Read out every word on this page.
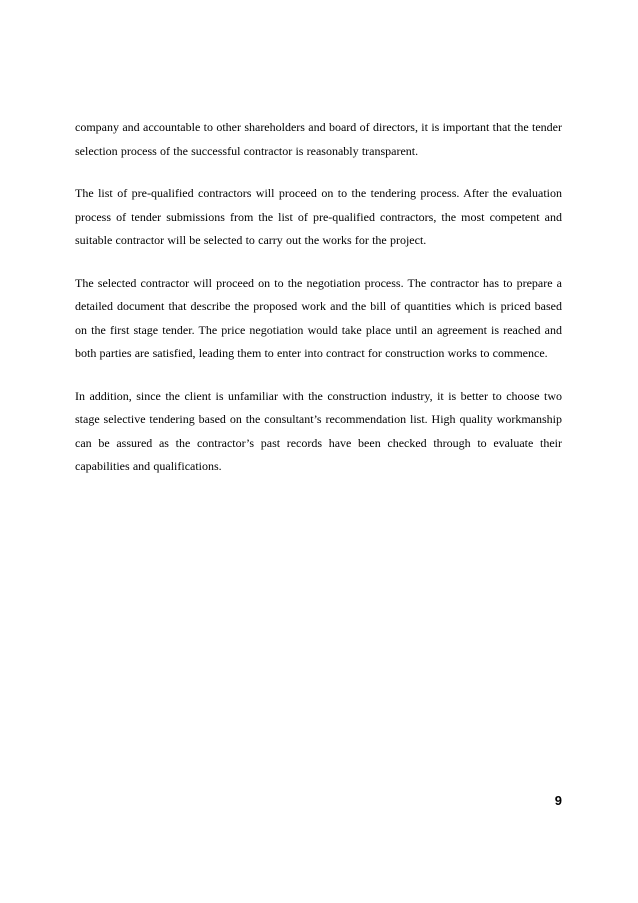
company and accountable to other shareholders and board of directors, it is important that the tender selection process of the successful contractor is reasonably transparent.

The list of pre-qualified contractors will proceed on to the tendering process. After the evaluation process of tender submissions from the list of pre-qualified contractors, the most competent and suitable contractor will be selected to carry out the works for the project.

The selected contractor will proceed on to the negotiation process. The contractor has to prepare a detailed document that describe the proposed work and the bill of quantities which is priced based on the first stage tender. The price negotiation would take place until an agreement is reached and both parties are satisfied, leading them to enter into contract for construction works to commence.

In addition, since the client is unfamiliar with the construction industry, it is better to choose two stage selective tendering based on the consultant’s recommendation list. High quality workmanship can be assured as the contractor’s past records have been checked through to evaluate their capabilities and qualifications.

9
